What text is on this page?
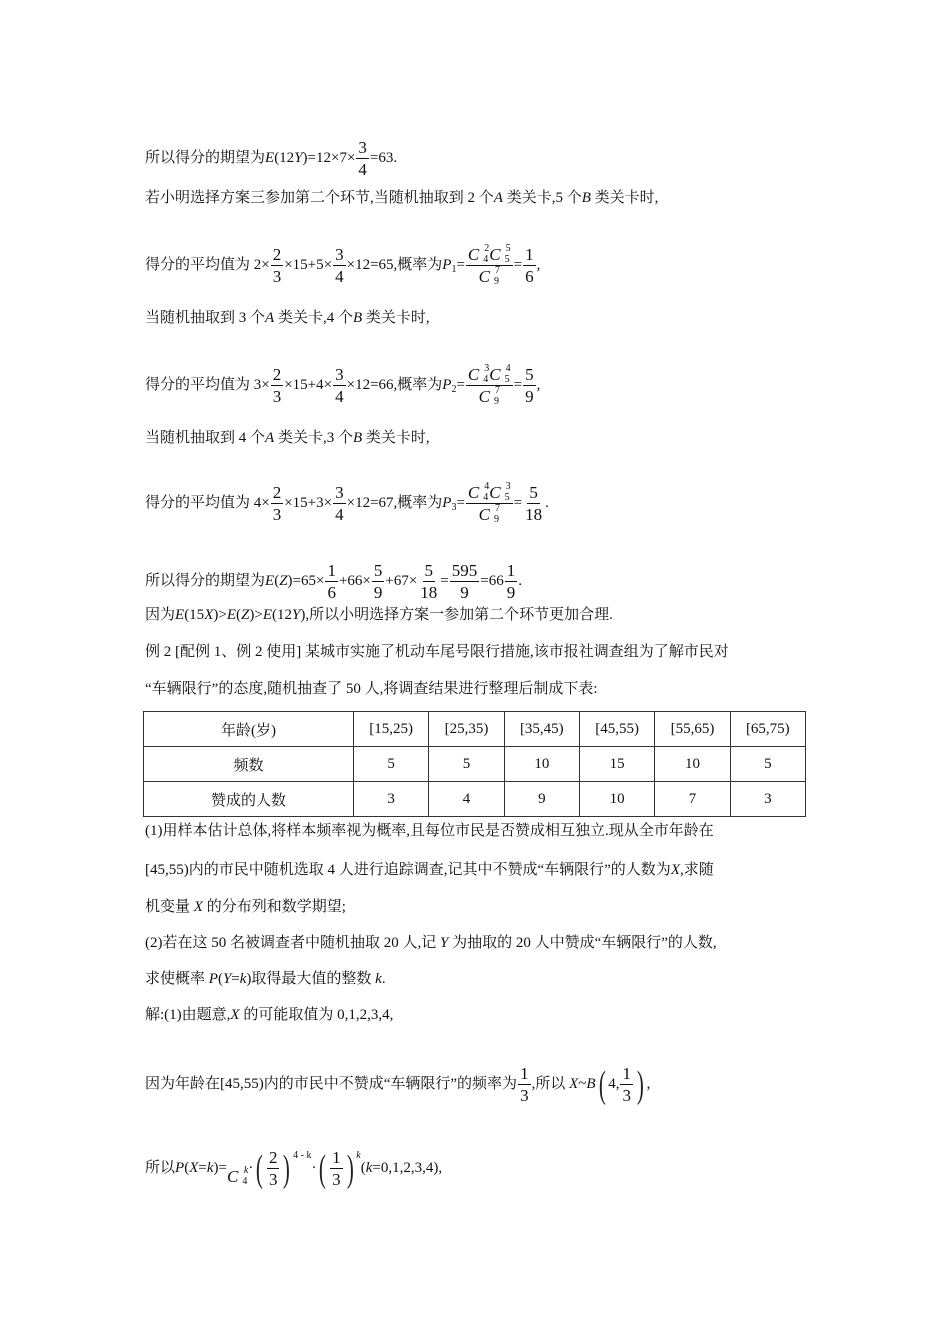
所以得分的期望为$E(12Y)=12\times 7\times \frac{3}{4} =63$.
若小明选择方案三参加第二个环节,当随机抽取到 2 个A 类关卡,5 个B 类关卡时,
得分的平均值为 $2\times \frac{2}{3} \times 15+5\times \frac{3}{4} \times 12=65$,概率为$P_1= C$ 2
4 C 5
5
C 7
$9 = \frac{1}{6}$ ,
当随机抽取到 3 个A 类关卡,4 个B 类关卡时,
得分的平均值为 $3\times \frac{2}{3} \times 15+4\times \frac{3}{4} \times 12=66$,概率为$P_2= C$ 3
4 C 4
5
C 7
$9 = \frac{5}{9}$ ,
当随机抽取到 4 个A 类关卡,3 个B 类关卡时,
得分的平均值为 $4\times \frac{2}{3} \times 15+3\times \frac{3}{4} \times 12=67$,概率为$P_3= C$ 4
4 C 3
5
C 7
$9 = \frac{5}{18}$ .
所以得分的期望为$E(Z)=65\times \frac{1}{6} +66\times \frac{5}{9} +67\times \frac{5}{18} = \frac{595}{9} =66 \frac{1}{9}$ .
因为E(15X)>E(Z)>E(12Y),所以小明选择方案一参加第二个环节更加合理.
例 2 [配例 1、例 2 使用] 某城市实施了机动车尾号限行措施,该市报社调查组为了解市民对
“车辆限行”的态度,随机抽查了 50 人,将调查结果进行整理后制成下表:
年龄(岁)	[15,25)	[25,35)	[35,45)	[45,55)	[55,65)	[65,75)
频数	5	5	10	15	10	5
赞成的人数	3	4	9	10	7	3
(1)用样本估计总体,将样本频率视为概率,且每位市民是否赞成相互独立.现从全市年龄在
[45,55)内的市民中随机选取 4 人进行追踪调查,记其中不赞成“车辆限行”的人数为X,求随
机变量 X 的分布列和数学期望;
(2)若在这 50 名被调查者中随机抽取 20 人,记 Y 为抽取的 20 人中赞成“车辆限行”的人数,
求使概率 P(Y=k)取得最大值的整数 k.
解:(1)由题意,X 的可能取值为 0,1,2,3,4,
因为年龄在[45,55)内的市民中不赞成“车辆限行”的频率为 $\frac{1}{3}$ ,所以 X~B( 4, $\frac{1}{3}$ ) ,
所以P(X=k)=C k
4
·( $\frac{2}{3}$ ) $^{4 - k}\cdot( \frac{1}{3}$ ) $^k$(k=0,1,2,3,4),
